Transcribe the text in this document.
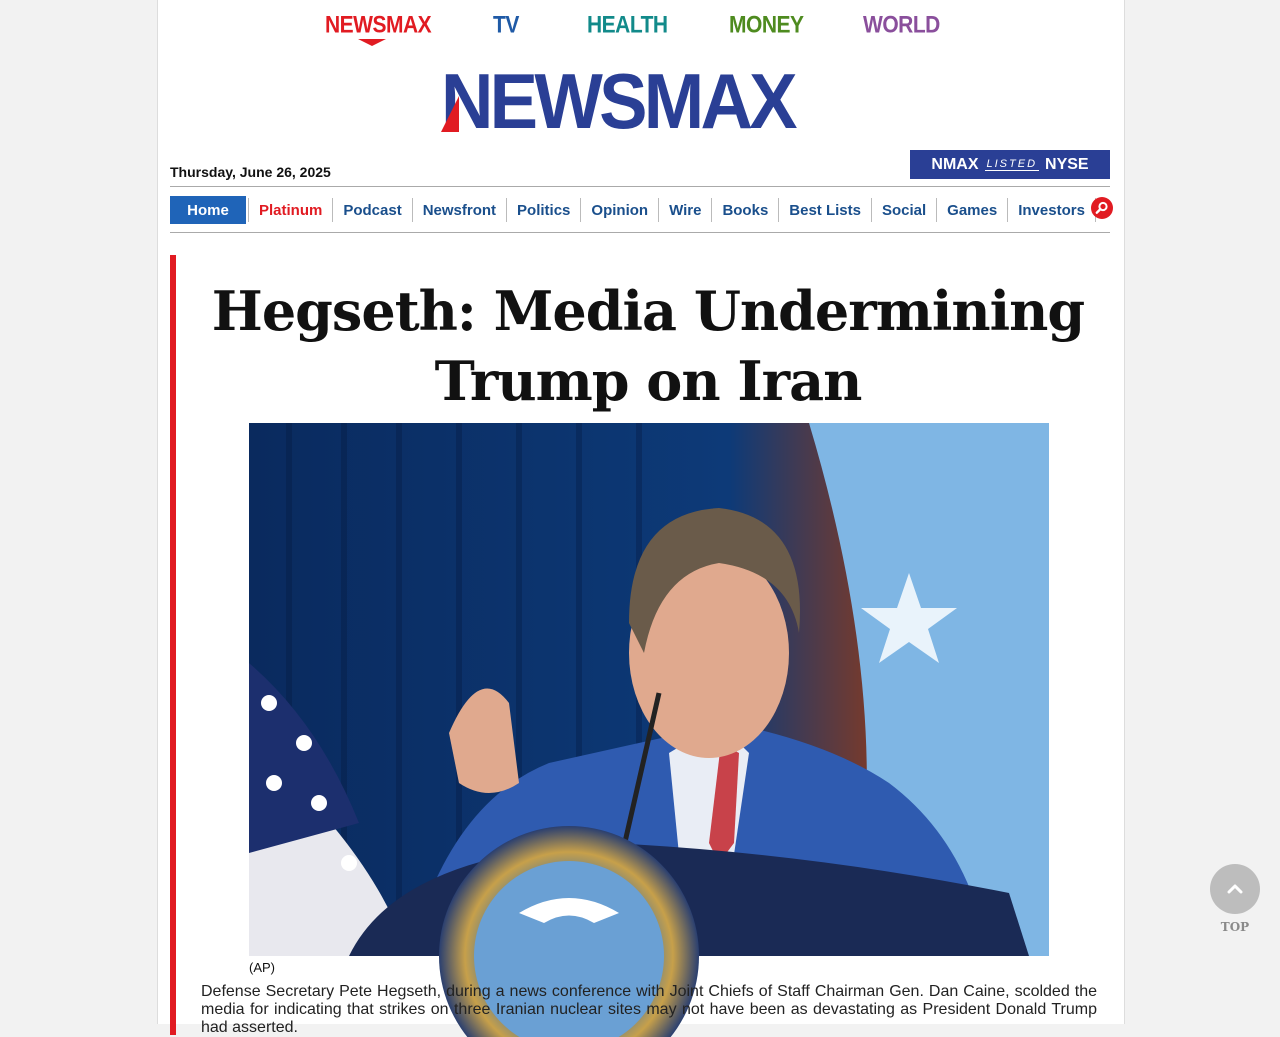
NEWSMAX	TV	HEALTH	MONEY	WORLD
NEWSMAX
Thursday, June 26, 2025	NMAX LISTED NYSE
Home	Platinum	Podcast	Newsfront	Politics	Opinion	Wire	Books	Best Lists	Social	Games	Investors
Hegseth: Media Undermining Trump on Iran
(AP)

Defense Secretary Pete Hegseth, during a news conference with Joint Chiefs of Staff Chairman Gen. Dan Caine, scolded the media for indicating that strikes on three Iranian nuclear sites may not have been as devastating as President Donald Trump had asserted.

TOP
